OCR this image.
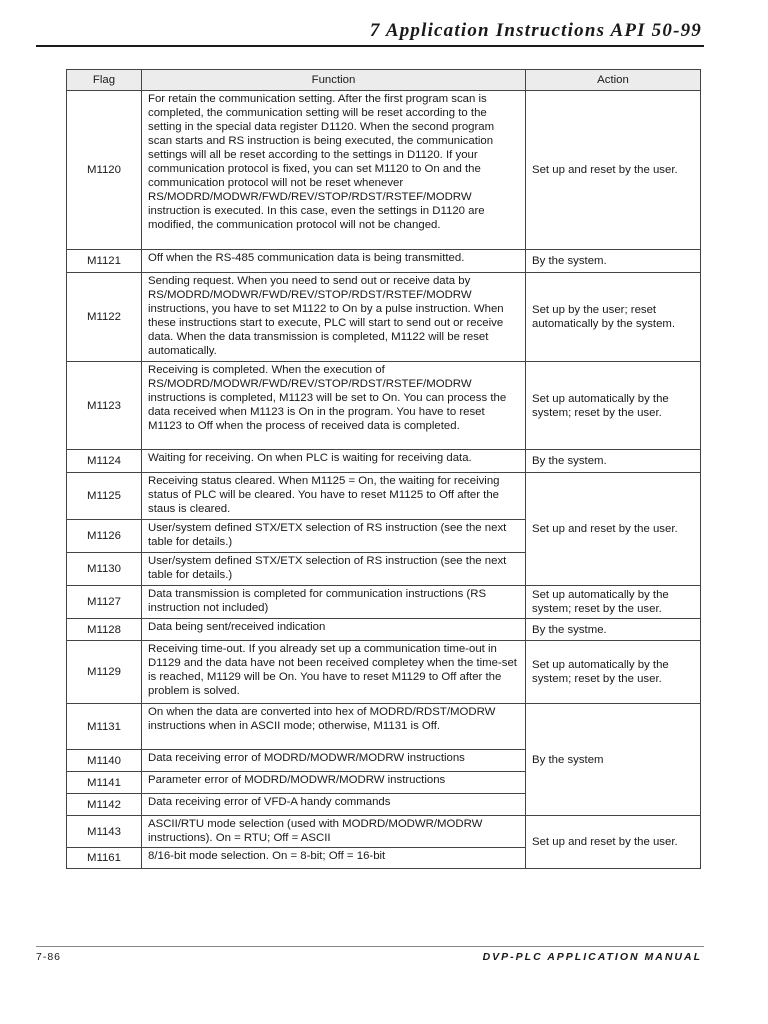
7 Application Instructions API 50-99
Flag	Function	Action
M1120	For retain the communication setting. After the first program scan is completed, the communication setting will be reset according to the setting in the special data register D1120. When the second program scan starts and RS instruction is being executed, the communication settings will all be reset according to the settings in D1120. If your communication protocol is fixed, you can set M1120 to On and the communication protocol will not be reset whenever RS/MODRD/MODWR/FWD/REV/STOP/RDST/RSTEF/MODRW instruction is executed. In this case, even the settings in D1120 are modified, the communication protocol will not be changed.	Set up and reset by the user.
M1121	Off when the RS-485 communication data is being transmitted.	By the system.
M1122	Sending request. When you need to send out or receive data by RS/MODRD/MODWR/FWD/REV/STOP/RDST/RSTEF/MODRW instructions, you have to set M1122 to On by a pulse instruction. When these instructions start to execute, PLC will start to send out or receive data. When the data transmission is completed, M1122 will be reset automatically.	Set up by the user; reset automatically by the system.
M1123	Receiving is completed. When the execution of RS/MODRD/MODWR/FWD/REV/STOP/RDST/RSTEF/MODRW instructions is completed, M1123 will be set to On. You can process the data received when M1123 is On in the program. You have to reset M1123 to Off when the process of received data is completed.	Set up automatically by the system; reset by the user.
M1124	Waiting for receiving. On when PLC is waiting for receiving data.	By the system.
M1125	Receiving status cleared. When M1125 = On, the waiting for receiving status of PLC will be cleared. You have to reset M1125 to Off after the staus is cleared.	Set up and reset by the user.
M1126	User/system defined STX/ETX selection of RS instruction (see the next table for details.)	
M1130	User/system defined STX/ETX selection of RS instruction (see the next table for details.)	
M1127	Data transmission is completed for communication instructions (RS instruction not included)	Set up automatically by the system; reset by the user.
M1128	Data being sent/received indication	By the systme.
M1129	Receiving time-out. If you already set up a communication time-out in D1129 and the data have not been received completey when the time-set is reached, M1129 will be On. You have to reset M1129 to Off after the problem is solved.	Set up automatically by the system; reset by the user.
M1131	On when the data are converted into hex of MODRD/RDST/MODRW instructions when in ASCII mode; otherwise, M1131 is Off.	By the system
M1140	Data receiving error of MODRD/MODWR/MODRW instructions	
M1141	Parameter error of MODRD/MODWR/MODRW instructions	
M1142	Data receiving error of VFD-A handy commands	
M1143	ASCII/RTU mode selection (used with MODRD/MODWR/MODRW instructions). On = RTU; Off = ASCII	Set up and reset by the user.
M1161	8/16-bit mode selection. On = 8-bit; Off = 16-bit	
7-86	DVP-PLC APPLICATION MANUAL
